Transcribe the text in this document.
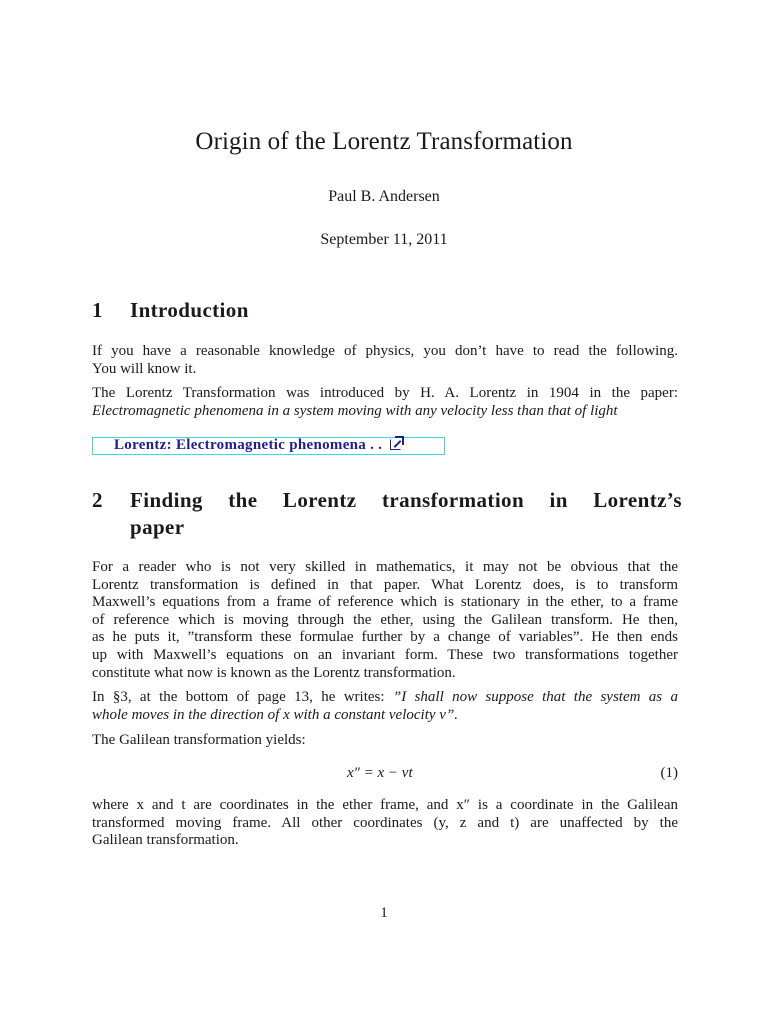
Origin of the Lorentz Transformation
Paul B. Andersen
September 11, 2011
1 Introduction
If you have a reasonable knowledge of physics, you don’t have to read the following.
You will know it.
The Lorentz Transformation was introduced by H. A. Lorentz in 1904 in the paper:
Electromagnetic phenomena in a system moving with any velocity less than that of light
Lorentz: Electromagnetic phenomena . .
2 Finding the Lorentz transformation in Lorentz’s
paper
For a reader who is not very skilled in mathematics, it may not be obvious that the
Lorentz transformation is defined in that paper. What Lorentz does, is to transform
Maxwell’s equations from a frame of reference which is stationary in the ether, to a frame
of reference which is moving through the ether, using the Galilean transform. He then,
as he puts it, ”transform these formulae further by a change of variables”. He then ends
up with Maxwell’s equations on an invariant form. These two transformations together
constitute what now is known as the Lorentz transformation.
In §3, at the bottom of page 13, he writes: ”I shall now suppose that the system as a
whole moves in the direction of x with a constant velocity v”.
The Galilean transformation yields:
x″ = x − vt	(1)
where x and t are coordinates in the ether frame, and x″ is a coordinate in the Galilean
transformed moving frame. All other coordinates (y, z and t) are unaffected by the
Galilean transformation.
1
